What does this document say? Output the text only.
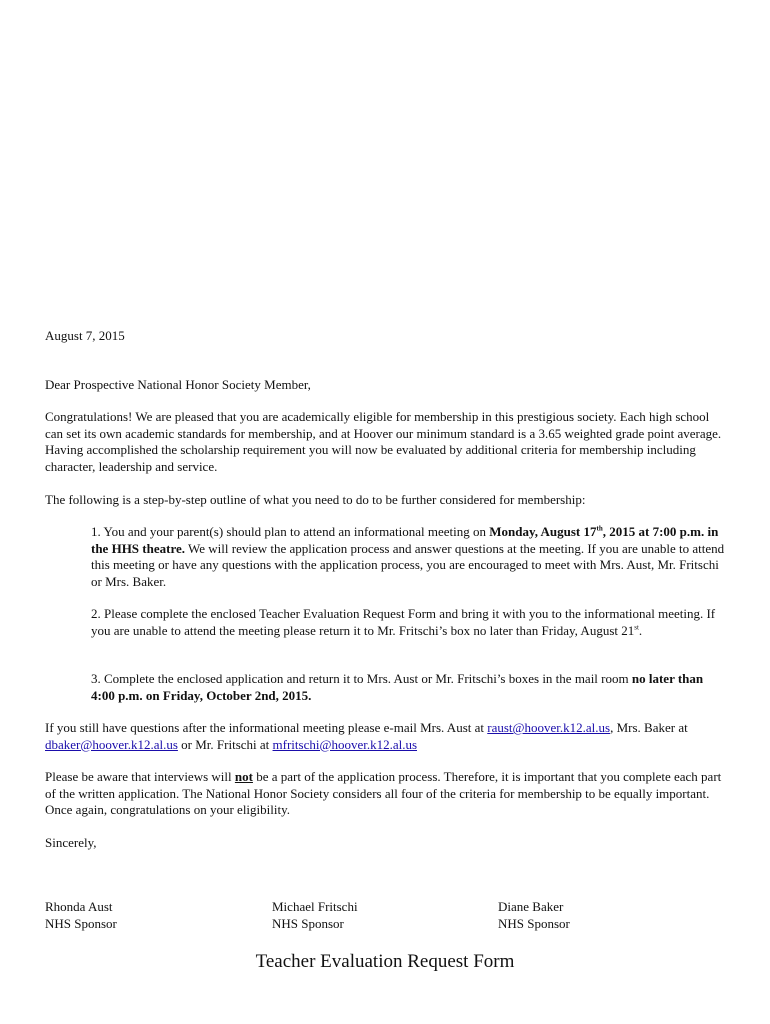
August 7, 2015

Dear Prospective National Honor Society Member,

Congratulations! We are pleased that you are academically eligible for membership in this prestigious society. Each high school can set its own academic standards for membership, and at Hoover our minimum standard is a 3.65 weighted grade point average. Having accomplished the scholarship requirement you will now be evaluated by additional criteria for membership including character, leadership and service.

The following is a step-by-step outline of what you need to do to be further considered for membership:

1. You and your parent(s) should plan to attend an informational meeting on Monday, August 17th, 2015 at 7:00 p.m. in the HHS theatre. We will review the application process and answer questions at the meeting. If you are unable to attend this meeting or have any questions with the application process, you are encouraged to meet with Mrs. Aust, Mr. Fritschi or Mrs. Baker.

2. Please complete the enclosed Teacher Evaluation Request Form and bring it with you to the informational meeting. If you are unable to attend the meeting please return it to Mr. Fritschi’s box no later than Friday, August 21st.

3. Complete the enclosed application and return it to Mrs. Aust or Mr. Fritschi’s boxes in the mail room no later than 4:00 p.m. on Friday, October 2nd, 2015.

If you still have questions after the informational meeting please e-mail Mrs. Aust at raust@hoover.k12.al.us, Mrs. Baker at dbaker@hoover.k12.al.us or Mr. Fritschi at mfritschi@hoover.k12.al.us

Please be aware that interviews will not be a part of the application process. Therefore, it is important that you complete each part of the written application. The National Honor Society considers all four of the criteria for membership to be equally important. Once again, congratulations on your eligibility.

Sincerely,

Rhonda Aust
NHS Sponsor
Michael Fritschi
NHS Sponsor
Diane Baker
NHS Sponsor
Teacher Evaluation Request Form
